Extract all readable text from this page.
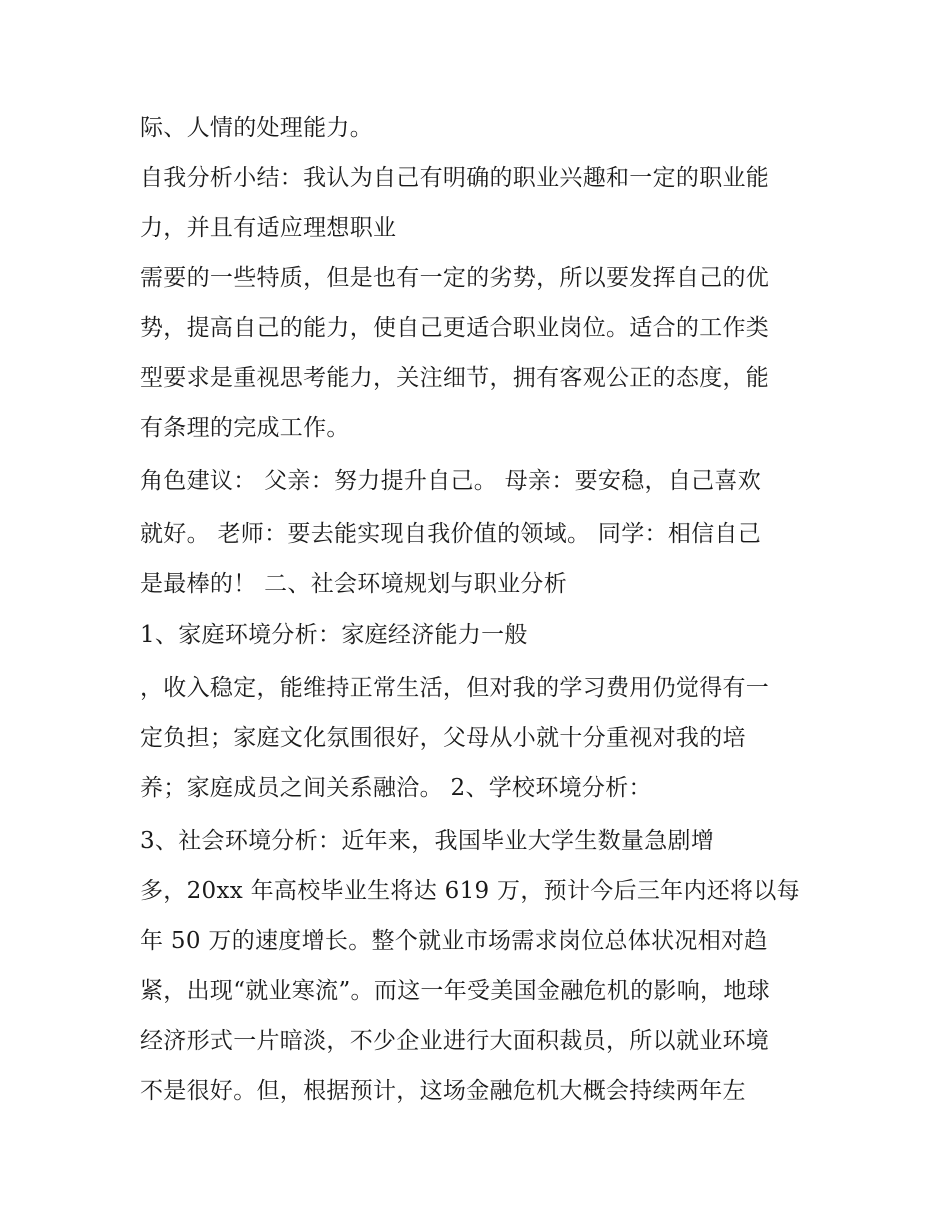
际、人情的处理能力。
自我分析小结：我认为自己有明确的职业兴趣和一定的职业能
力，并且有适应理想职业
需要的一些特质，但是也有一定的劣势，所以要发挥自己的优
势，提高自己的能力，使自己更适合职业岗位。适合的工作类
型要求是重视思考能力，关注细节，拥有客观公正的态度，能
有条理的完成工作。
角色建议： 父亲：努力提升自己。 母亲：要安稳，自己喜欢
就好。 老师：要去能实现自我价值的领域。 同学：相信自己
是最棒的！ 二、社会环境规划与职业分析
1、家庭环境分析：家庭经济能力一般
，收入稳定，能维持正常生活，但对我的学习费用仍觉得有一
定负担；家庭文化氛围很好，父母从小就十分重视对我的培
养；家庭成员之间关系融洽。 2、学校环境分析：
3、社会环境分析：近年来，我国毕业大学生数量急剧增
多，20xx 年高校毕业生将达 619 万，预计今后三年内还将以每
年 50 万的速度增长。整个就业市场需求岗位总体状况相对趋
紧，出现“就业寒流”。而这一年受美国金融危机的影响，地球
经济形式一片暗淡，不少企业进行大面积裁员，所以就业环境
不是很好。但，根据预计，这场金融危机大概会持续两年左
